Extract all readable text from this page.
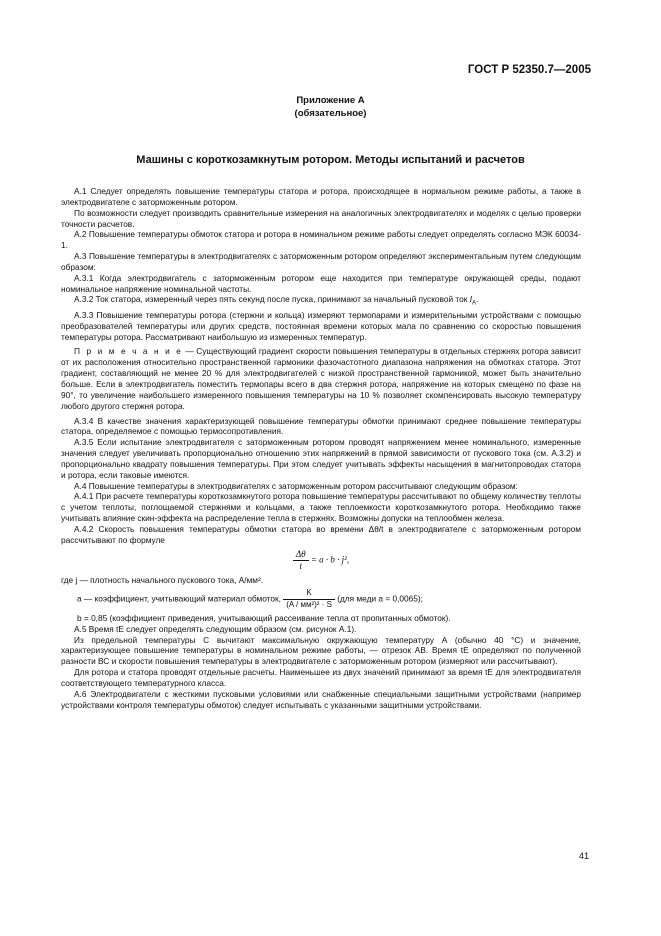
ГОСТ Р 52350.7—2005
Приложение А
(обязательное)
Машины с короткозамкнутым ротором. Методы испытаний и расчетов

А.1 Следует определять повышение температуры статора и ротора, происходящее в нормальном режиме работы, а также в электродвигателе с заторможенным ротором.

По возможности следует производить сравнительные измерения на аналогичных электродвигателях и моделях с целью проверки точности расчетов.

А.2 Повышение температуры обмоток статора и ротора в номинальном режиме работы следует определять согласно МЭК 60034-1.

А.3 Повышение температуры в электродвигателях с заторможенным ротором определяют экспериментальным путем следующим образом:

А.3.1 Когда электродвигатель с заторможенным ротором еще находится при температуре окружающей среды, подают номинальное напряжение номинальной частоты.

А.3.2 Ток статора, измеренный через пять секунд после пуска, принимают за начальный пусковой ток $I_А$.

А.3.3 Повышение температуры ротора (стержни и кольца) измеряют термопарами и измерительными устройствами с помощью преобразователей температуры или других средств, постоянная времени которых мала по сравнению со скоростью повышения температуры ротора. Рассматривают наибольшую из измеренных температур.

П р и м е ч а н и е — Существующий градиент скорости повышения температуры в отдельных стержнях ротора зависит от их расположения относительно пространственной гармоники фазочастотного диапазона напряжения на обмотках статора. Этот градиент, составляющий не менее 20 % для электродвигателей с низкой пространственной гармоникой, может быть значительно больше. Если в электродвигатель поместить термопары всего в два стержня ротора, напряжение на которых смещено по фазе на 90°, то увеличение наибольшего измеренного повышения температуры на 10 % позволяет скомпенсировать высокую температуру любого другого стержня ротора.

А.3.4 В качестве значения характеризующей повышение температуры обмотки принимают среднее повышение температуры статора, определяемое с помощью термосопротивления.

А.3.5 Если испытание электродвигателя с заторможенным ротором проводят напряжением менее номинального, измеренные значения следует увеличивать пропорционально отношению этих напряжений в прямой зависимости от пускового тока (см. А.3.2) и пропорционально квадрату повышения температуры. При этом следует учитывать эффекты насыщения в магнитопроводах статора и ротора, если таковые имеются.

А.4 Повышение температуры в электродвигателях с заторможенным ротором рассчитывают следующим образом:

А.4.1 При расчете температуры короткозамкнутого ротора повышение температуры рассчитывают по общему количеству теплоты с учетом теплоты, поглощаемой стержнями и кольцами, а также теплоемкости короткозамкнутого ротора. Необходимо также учитывать влияние скин-эффекта на распределение тепла в стержнях. Возможны допуски на теплообмен железа.

А.4.2 Скорость повышения температуры обмотки статора во времени Δθ/t в электродвигателе с заторможенным ротором рассчитывают по формуле

$\frac{\Delta\theta}{t} = a \cdot b \cdot j^2$,

где j — плотность начального пускового тока, А/мм².

a — коэффициент, учитывающий материал обмоток, $\frac{K}{\text{(A / мм²)² · S}} (для$ меди a = 0,0065);

b = 0,85 (коэффициент приведения, учитывающий рассеивание тепла от пропитанных обмоток).

А.5 Время tE следует определять следующим образом (см. рисунок А.1).

Из предельной температуры С вычитают максимальную окружающую температуру А (обычно 40 °С) и значение, характеризующее повышение температуры в номинальном режиме работы, — отрезок АВ. Время tE определяют по полученной разности ВС и скорости повышения температуры в электродвигателе с заторможенным ротором (измеряют или рассчитывают).

Для ротора и статора проводят отдельные расчеты. Наименьшее из двух значений принимают за время tE для электродвигателя соответствующего температурного класса.

А.6 Электродвигатели с жесткими пусковыми условиями или снабженные специальными защитными устройствами (например устройствами контроля температуры обмоток) следует испытывать с указанными защитными устройствами.

41
